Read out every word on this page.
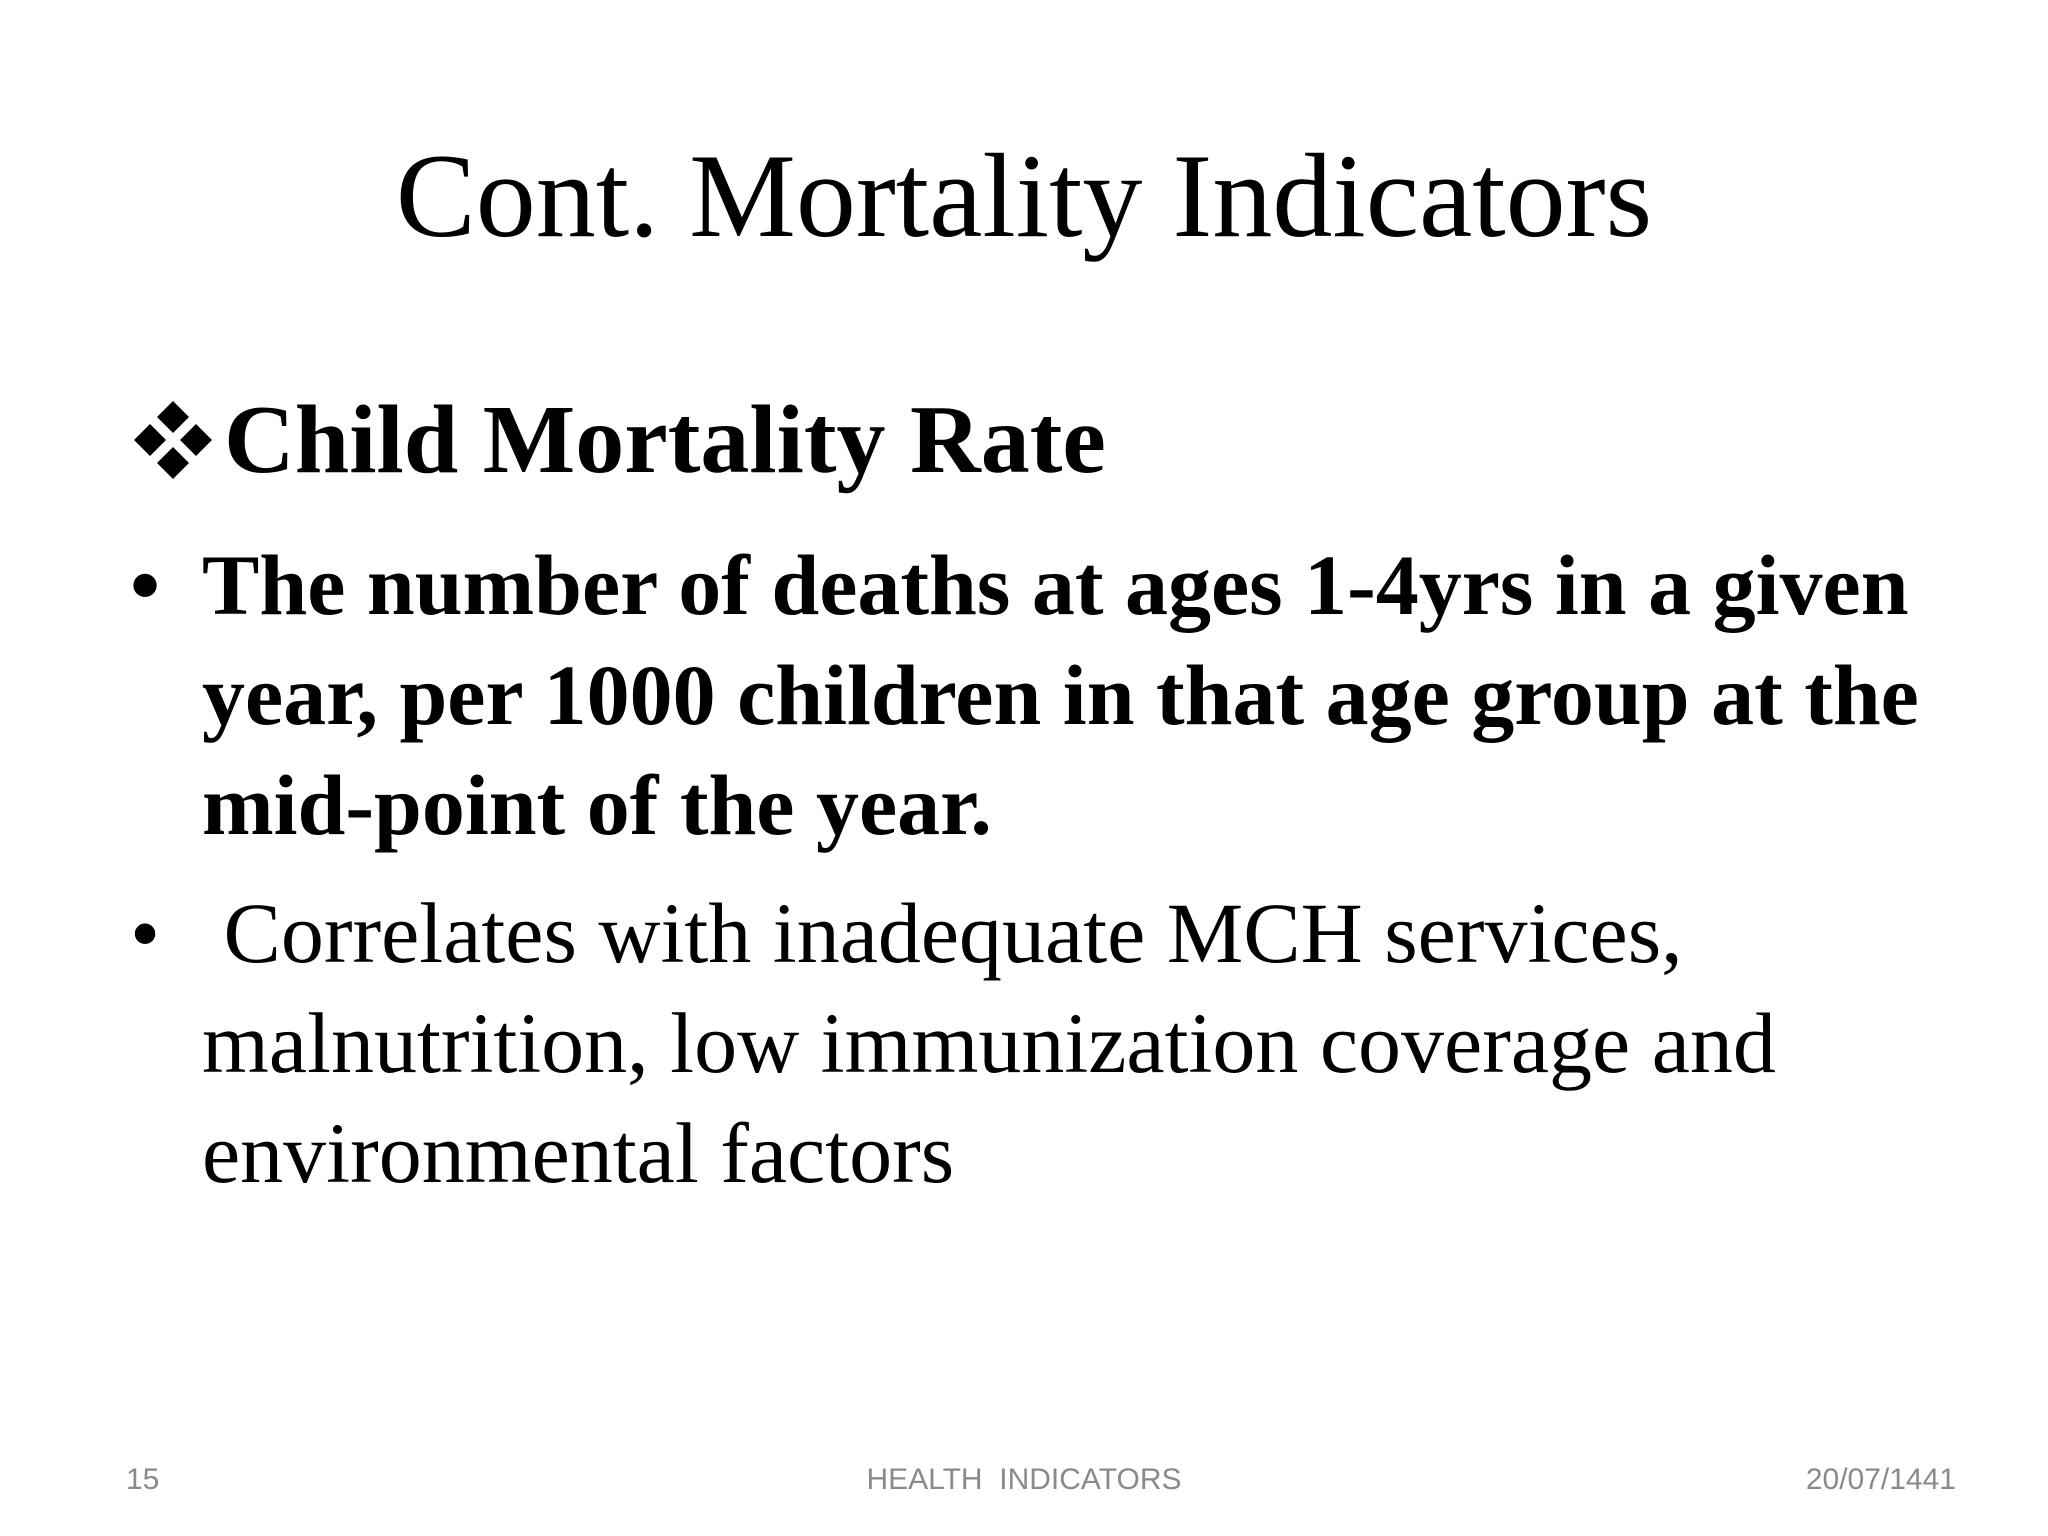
Cont. Mortality Indicators
Child Mortality Rate
• The number of deaths at ages 1-4yrs in a given year, per 1000 children in that age group at the mid-point of the year.
• Correlates with inadequate MCH services, malnutrition, low immunization coverage and environmental factors
15	HEALTH  INDICATORS	20/07/1441
